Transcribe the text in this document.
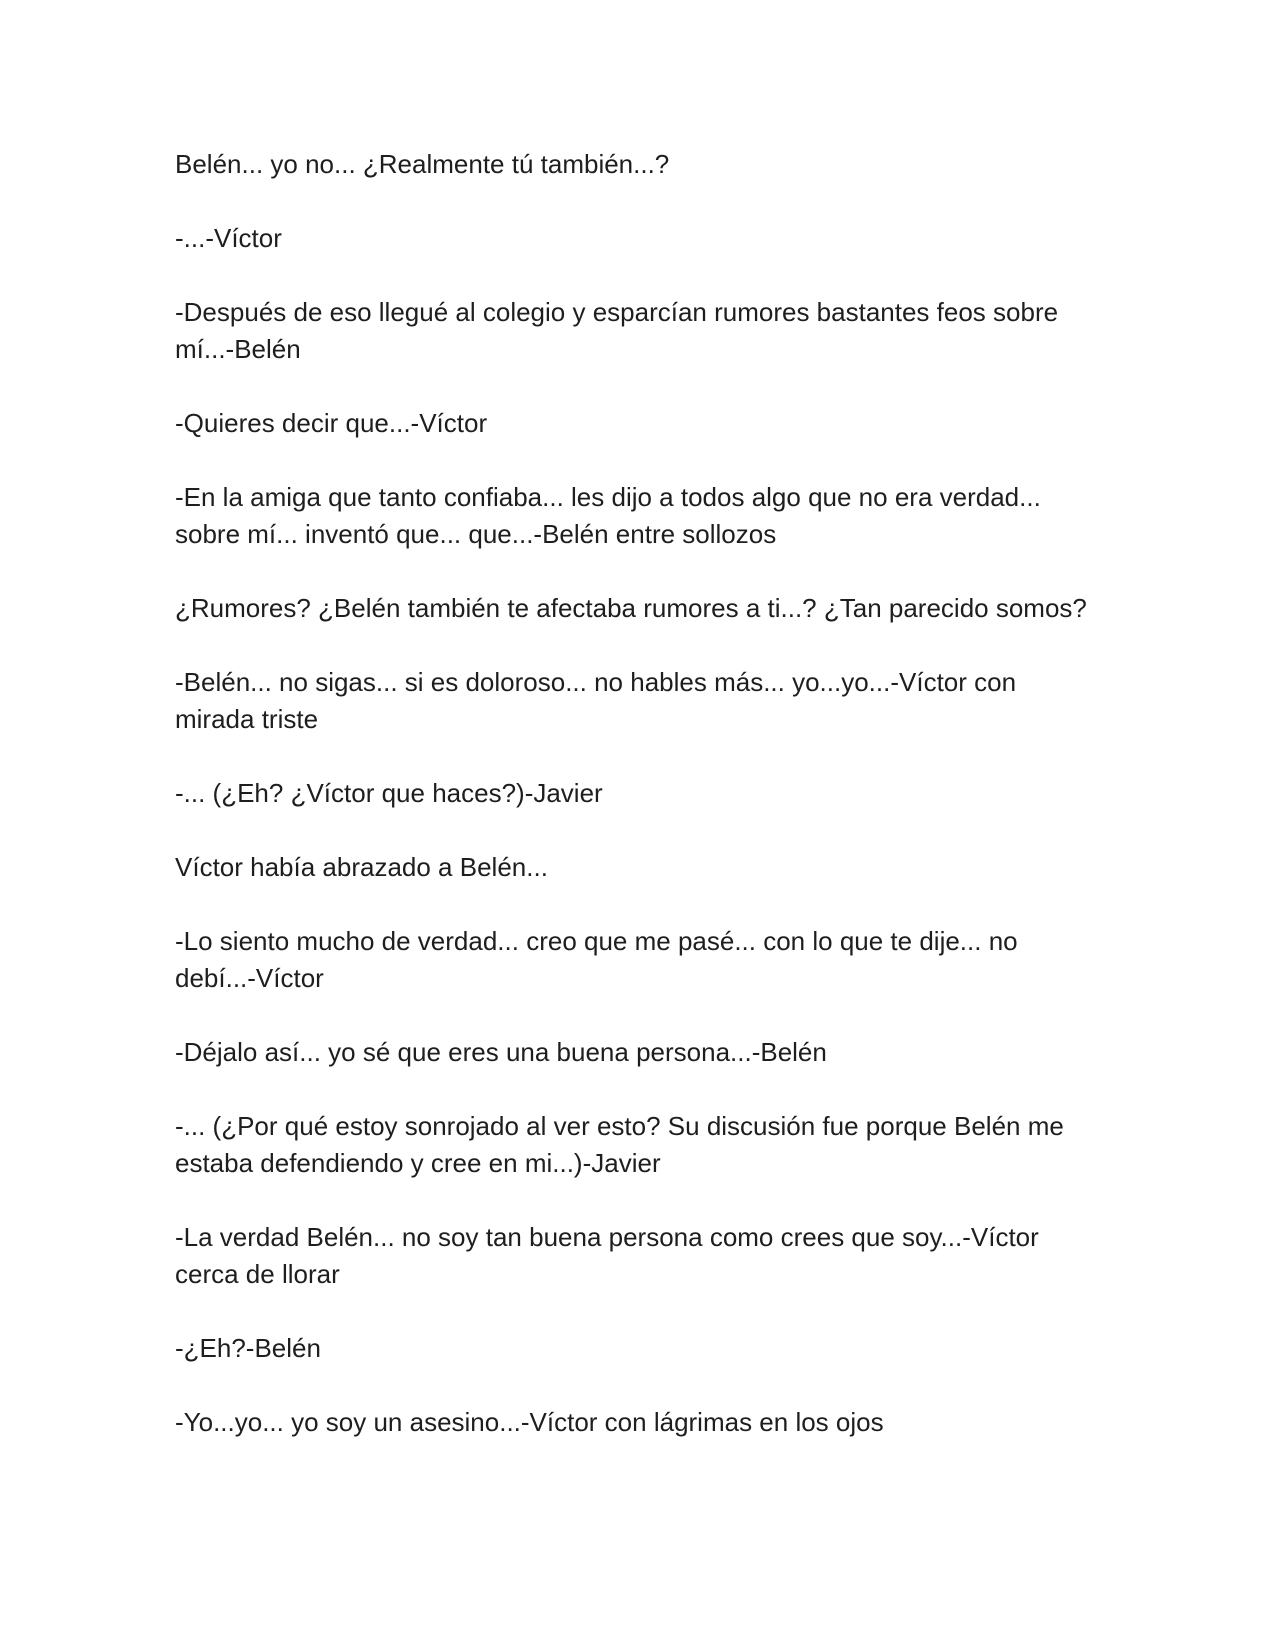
Belén... yo no... ¿Realmente tú también...?

-...-Víctor

-Después de eso llegué al colegio y esparcían rumores bastantes feos sobre mí...-Belén

-Quieres decir que...-Víctor

-En la amiga que tanto confiaba... les dijo a todos algo que no era verdad... sobre mí... inventó que... que...-Belén entre sollozos

¿Rumores? ¿Belén también te afectaba rumores a ti...? ¿Tan parecido somos?

-Belén... no sigas... si es doloroso... no hables más... yo...yo...-Víctor con mirada triste

-... (¿Eh? ¿Víctor que haces?)-Javier

Víctor había abrazado a Belén...

-Lo siento mucho de verdad... creo que me pasé... con lo que te dije... no debí...-Víctor

-Déjalo así... yo sé que eres una buena persona...-Belén

-... (¿Por qué estoy sonrojado al ver esto? Su discusión fue porque Belén me estaba defendiendo y cree en mi...)-Javier

-La verdad Belén... no soy tan buena persona como crees que soy...-Víctor cerca de llorar

-¿Eh?-Belén

-Yo...yo... yo soy un asesino...-Víctor con lágrimas en los ojos
